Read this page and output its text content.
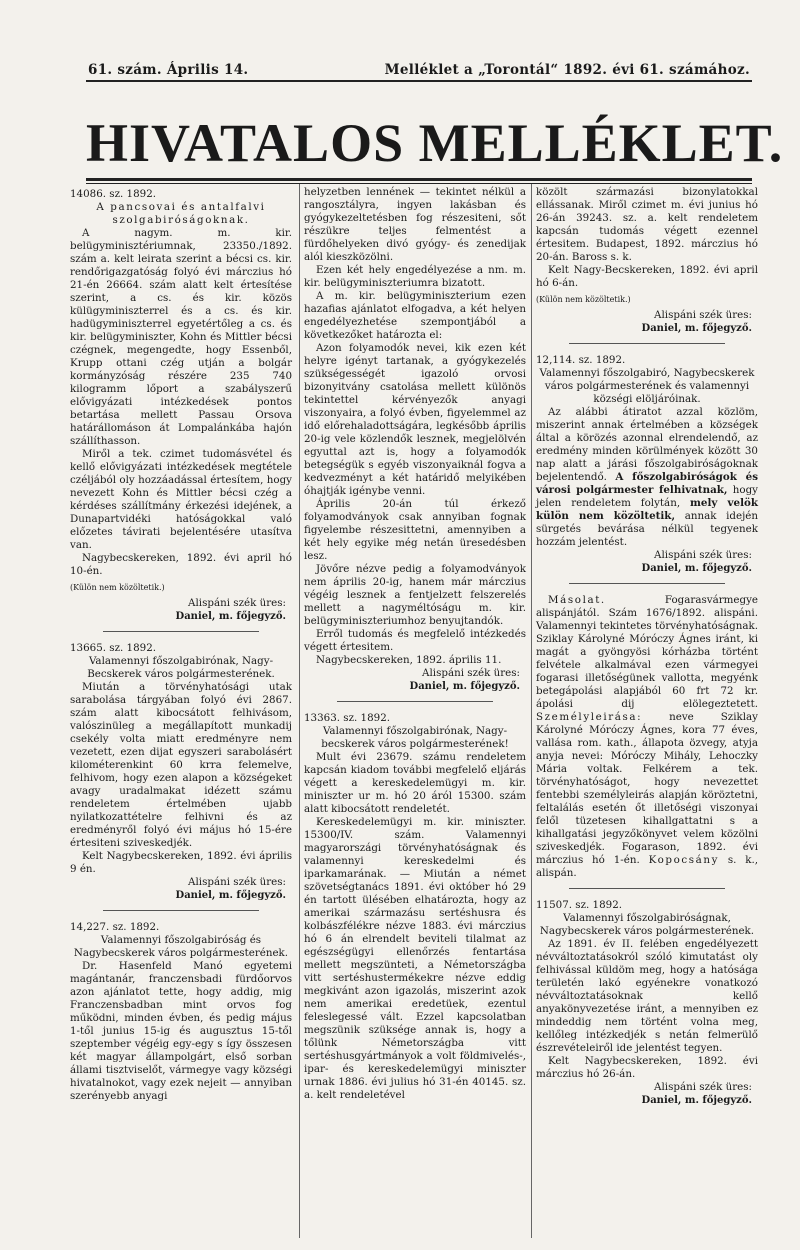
61. szám. Április 14.	Melléklet a „Torontál“ 1892. évi 61. számához.
HIVATALOS MELLÉKLET.

14086. sz. 1892.

A pancsovai és antalfalvi szolgabiróságoknak.

A nagym. m. kir. belügyminisztériumnak, 23350./1892. szám a. kelt leirata szerint a bécsi cs. kir. rendőrigazgatóság folyó évi márczius hó 21-én 26664. szám alatt kelt értesítése szerint, a cs. és kir. közös külügyminiszterrel és a cs. és kir. hadügyminiszterrel egyetértőleg a cs. és kir. belügyminiszter, Kohn és Mittler bécsi czégnek, megengedte, hogy Essenből, Krupp ottani czég utján a bolgár kormányzóság részére 235 740 kilogramm lőport a szabályszerű elővigyázati intézkedések pontos betartása mellett Passau Orsova határállomáson át Lompalánkába hajón szállíthasson.

Miről a tek. czimet tudomásvétel és kellő elővigyázati intézkedések megtétele czéljából oly hozzáadással értesítem, hogy nevezett Kohn és Mittler bécsi czég a kérdéses szállítmány érkezési idejének, a Dunapartvidéki hatóságokkal való előzetes távirati bejelentésére utasítva van.

Nagybecskereken, 1892. évi april hó 10-én.

(Külön nem közöltetik.)

Alispáni szék üres:

Daniel, m. főjegyző.

13665. sz. 1892.

Valamennyi főszolgabirónak, Nagy-Becskerek város polgármesterének.

Miután a törvényhatósági utak sarabolása tárgyában folyó évi 2867. szám alatt kibocsátott felhivásom, valószinüleg a megállapított munkadij csekély volta miatt eredményre nem vezetett, ezen dijat egyszeri sarabolásért kilométerenkint 60 krra felemelve, felhivom, hogy ezen alapon a községeket avagy uradalmakat idézett számu rendeletem értelmében ujabb nyilatkozattételre felhivni és az eredményről folyó évi május hó 15-ére értesiteni sziveskedjék.

Kelt Nagybecskereken, 1892. évi április 9 én.

Alispáni szék üres:

Daniel, m. főjegyző.

14,227. sz. 1892.

Valamennyi főszolgabiróság és Nagybecskerek város polgármesterének.

Dr. Hasenfeld Manó egyetemi magántanár, franczensbadi fürdőorvos azon ajánlatot tette, hogy addig, mig Franczensbadban mint orvos fog működni, minden évben, és pedig május 1-től junius 15-ig és augusztus 15-től szeptember végéig egy-egy s így összesen két magyar állampolgárt, első sorban állami tisztviselőt, vármegye vagy községi hivatalnokot, vagy ezek nejeit — annyiban szerényebb anyagi

helyzetben lennének — tekintet nélkül a rangosztályra, ingyen lakásban és gyógykezeltetésben fog részesiteni, sőt részükre teljes felmentést a fürdőhelyeken divó gyógy- és zenedijak alól kieszközölni.

Ezen két hely engedélyezése a nm. m. kir. belügyminiszteriumra bizatott.

A m. kir. belügyminiszterium ezen hazafias ajánlatot elfogadva, a két helyen engedélyezhetése szempontjából a következőket határozta el:

Azon folyamodók nevei, kik ezen két helyre igényt tartanak, a gyógykezelés szükségességét igazoló orvosi bizonyitvány csatolása mellett különös tekintettel kérvényezők anyagi viszonyaira, a folyó évben, figyelemmel az idő előrehaladottságára, legkésőbb április 20-ig vele közlendők lesznek, megjelölvén egyuttal azt is, hogy a folyamodók betegségük s egyéb viszonyaiknál fogva a kedvezményt a két határidő melyikében óhajtják igénybe venni.

Április 20-án túl érkező folyamodványok csak annyiban fognak figyelembe részesittetni, amennyiben a két hely egyike még netán üresedésben lesz.

Jövőre nézve pedig a folyamodványok nem április 20-ig, hanem már márczius végéig lesznek a fentjelzett felszerelés mellett a nagyméltóságu m. kir. belügyminiszteriumhoz benyujtandók.

Erről tudomás és megfelelő intézkedés végett értesitem.

Nagybecskereken, 1892. április 11.

Alispáni szék üres:

Daniel, m. főjegyző.

13363. sz. 1892.

Valamennyi főszolgabirónak, Nagy-becskerek város polgármesterének!

Mult évi 23679. számu rendeletem kapcsán kiadom további megfelelő eljárás végett a kereskedelemügyi m. kir. miniszter ur m. hó 20 áról 15300. szám alatt kibocsátott rendeletét.

Kereskedelemügyi m. kir. miniszter. 15300/IV. szám. Valamennyi magyarországi törvényhatóságnak és valamennyi kereskedelmi és iparkamarának. — Miután a német szövetségtanács 1891. évi október hó 29 én tartott ülésében elhatározta, hogy az amerikai származásu sertéshusra és kolbászfélékre nézve 1883. évi márczius hó 6 án elrendelt beviteli tilalmat az egészségügyi ellenőrzés fentartása mellett megszünteti, a Németországba vitt sertéshustermékekre nézve eddig megkivánt azon igazolás, miszerint azok nem amerikai eredetüek, ezentul feleslegessé vált. Ezzel kapcsolatban megszünik szüksége annak is, hogy a tőlünk Németországba vitt sertéshusgyártmányok a volt földmivelés-, ipar- és kereskedelemügyi miniszter urnak 1886. évi julius hó 31-én 40145. sz. a. kelt rendeletével

közölt származási bizonylatokkal ellássanak. Miről czimet m. évi junius hó 26-án 39243. sz. a. kelt rendeletem kapcsán tudomás végett ezennel értesitem. Budapest, 1892. márczius hó 20-án. Baross s. k.

Kelt Nagy-Becskereken, 1892. évi april hó 6-án.

(Külön nem közöltetik.)

Alispáni szék üres:

Daniel, m. főjegyző.

12,114. sz. 1892.

Valamennyi főszolgabiró, Nagybecskerek város polgármesterének és valamennyi községi elöljáróinak.

Az alábbi átiratot azzal közlöm, miszerint annak értelmében a községek által a körözés azonnal elrendelendő, az eredmény minden körülmények között 30 nap alatt a járási főszolgabiróságoknak bejelentendő. A főszolgabiróságok és városi polgármester felhivatnak, hogy jelen rendeletem folytán, mely velök külön nem közöltetik, annak idején sürgetés bevárása nélkül tegyenek hozzám jelentést.

Alispáni szék üres:

Daniel, m. főjegyző.

Másolat.	Fogarasvármegye alispánjától. Szám 1676/1892. alispáni. Valamennyi tekintetes törvényhatóságnak. Sziklay Károlyné Móróczy Ágnes iránt, ki magát a gyöngyösi kórházba történt felvétele alkalmával ezen vármegyei fogarasi illetőségünek vallotta, megyénk betegápolási alapjából 60 frt 72 kr. ápolási dij elölegeztetett. Személyleirása:	neve Sziklay Károlyné Móróczy Ágnes, kora 77 éves, vallása rom. kath., állapota özvegy, atyja anyja nevei: Móróczy Mihály, Lehoczky Mária voltak. Felkérem a tek. törvényhatóságot, hogy nevezettet fentebbi személyleirás alapján köröztetni, feltalálás esetén őt illetőségi viszonyai felől tüzetesen kihallgattatni s a kihallgatási jegyzőkönyvet velem közölni sziveskedjék. Fogarason, 1892. évi márczius hó 1-én. Kopocsány s. k., alispán.

11507. sz. 1892.

Valamennyi főszolgabiróságnak, Nagybecskerek város polgármesterének.

Az 1891. év II. felében engedélyezett névváltoztatásokról szóló kimutatást oly felhivással küldöm meg, hogy a hatósága területén lakó egyénekre vonatkozó névváltoztatásoknak kellő anyakönyvezetése iránt, a mennyiben ez mindeddig nem történt volna meg, kellőleg intézkedjék s netán felmerülő észrevételeiről ide jelentést tegyen.

Kelt Nagybecskereken, 1892. évi márczius hó 26-án.

Alispáni szék üres:

Daniel, m. főjegyző.
